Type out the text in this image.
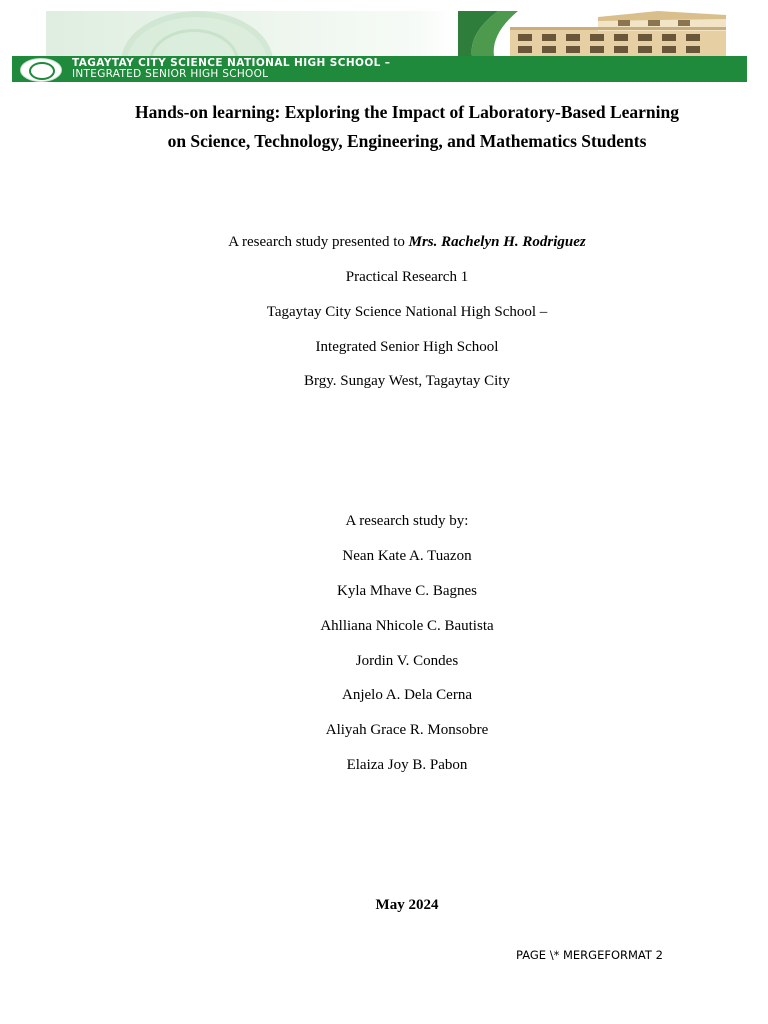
TAGAYTAY CITY SCIENCE NATIONAL HIGH SCHOOL –
INTEGRATED SENIOR HIGH SCHOOL
Hands-on learning: Exploring the Impact of Laboratory-Based Learning on Science, Technology, Engineering, and Mathematics Students
A research study presented to Mrs. Rachelyn H. Rodriguez
Practical Research 1
Tagaytay City Science National High School –
Integrated Senior High School
Brgy. Sungay West, Tagaytay City
A research study by:
Nean Kate A. Tuazon
Kyla Mhave C. Bagnes
Ahlliana Nhicole C. Bautista
Jordin V. Condes
Anjelo A. Dela Cerna
Aliyah Grace R. Monsobre
Elaiza Joy B. Pabon
May 2024
PAGE \* MERGEFORMAT 2
